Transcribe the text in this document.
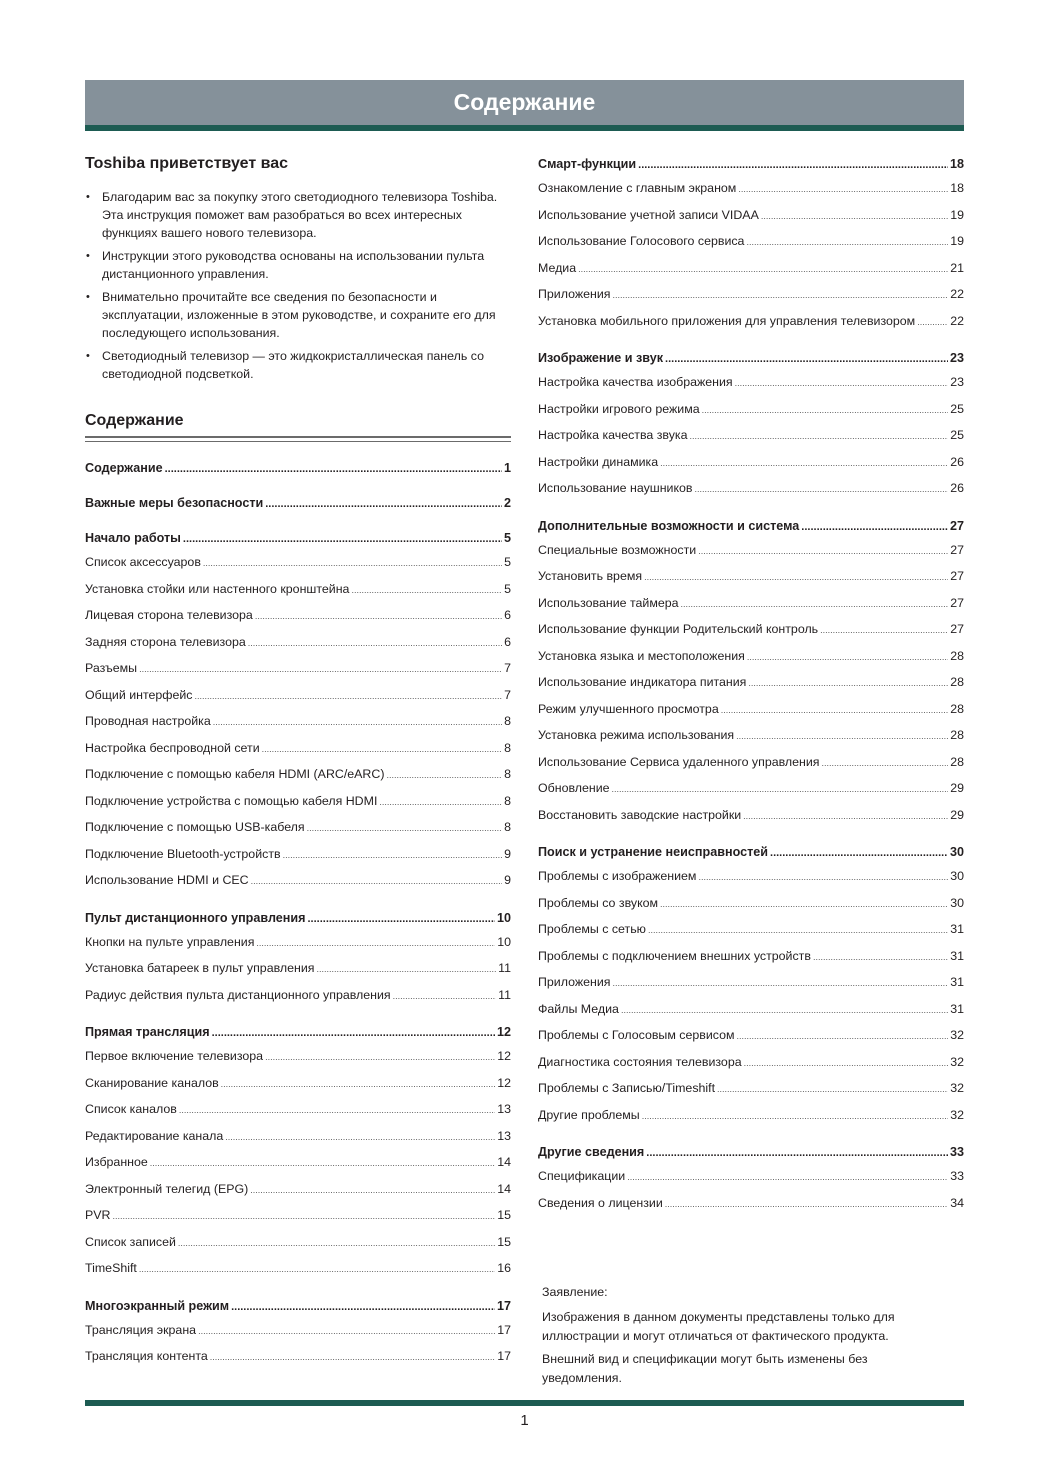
Содержание
Toshiba приветствует вас
• Благодарим вас за покупку этого светодиодного телевизора Toshiba. Эта инструкция поможет вам разобраться во всех интересных функциях вашего нового телевизора.
• Инструкции этого руководства основаны на использовании пульта дистанционного управления.
• Внимательно прочитайте все сведения по безопасности и эксплуатации, изложенные в этом руководстве, и сохраните его для последующего использования.
• Светодиодный телевизор — это жидкокристаллическая панель со светодиодной подсветкой.
Содержание
Содержание .....	1
Важные меры безопасности .....	2
Начало работы .....	5
Список аксессуаров .....	5
Установка стойки или настенного кронштейна .....	5
Лицевая сторона телевизора .....	6
Задняя сторона телевизора .....	6
Разъемы .....	7
Общий интерфейс .....	7
Проводная настройка .....	8
Настройка беспроводной сети .....	8
Подключение с помощью кабеля HDMI (ARC/eARC) .....	8
Подключение устройства с помощью кабеля HDMI .....	8
Подключение с помощью USB-кабеля .....	8
Подключение Bluetooth-устройств .....	9
Использование HDMI и CEC .....	9
Пульт дистанционного управления .....	10
Кнопки на пульте управления .....	10
Установка батареек в пульт управления .....	11
Радиус действия пульта дистанционного управления .....	11
Прямая трансляция .....	12
Первое включение телевизора .....	12
Сканирование каналов .....	12
Список каналов .....	13
Редактирование канала .....	13
Избранное .....	14
Электронный телегид (EPG) .....	14
PVR .....	15
Список записей .....	15
TimeShift .....	16
Многоэкранный режим .....	17
Трансляция экрана .....	17
Трансляция контента .....	17
Смарт-функции .....	18
Ознакомление с главным экраном .....	18
Использование учетной записи VIDAA .....	19
Использование Голосового сервиса .....	19
Медиа .....	21
Приложения .....	22
Установка мобильного приложения для управления телевизором .....	22
Изображение и звук .....	23
Настройка качества изображения .....	23
Настройки игрового режима .....	25
Настройка качества звука .....	25
Настройки динамика .....	26
Использование наушников .....	26
Дополнительные возможности и система .....	27
Специальные возможности .....	27
Установить время .....	27
Использование таймера .....	27
Использование функции Родительский контроль .....	27
Установка языка и местоположения .....	28
Использование индикатора питания .....	28
Режим улучшенного просмотра .....	28
Установка режима использования .....	28
Использование Сервиса удаленного управления .....	28
Обновление .....	29
Восстановить заводские настройки .....	29
Поиск и устранение неисправностей .....	30
Проблемы с изображением .....	30
Проблемы со звуком .....	30
Проблемы с сетью .....	31
Проблемы с подключением внешних устройств .....	31
Приложения .....	31
Файлы Медиа .....	31
Проблемы с Голосовым сервисом .....	32
Диагностика состояния телевизора .....	32
Проблемы с Записью/Timeshift .....	32
Другие проблемы .....	32
Другие сведения .....	33
Спецификации .....	33
Сведения о лицензии .....	34

Заявление:

Изображения в данном документы представлены только для иллюстрации и могут отличаться от фактического продукта.

Внешний вид и спецификации могут быть изменены без уведомления.

1
